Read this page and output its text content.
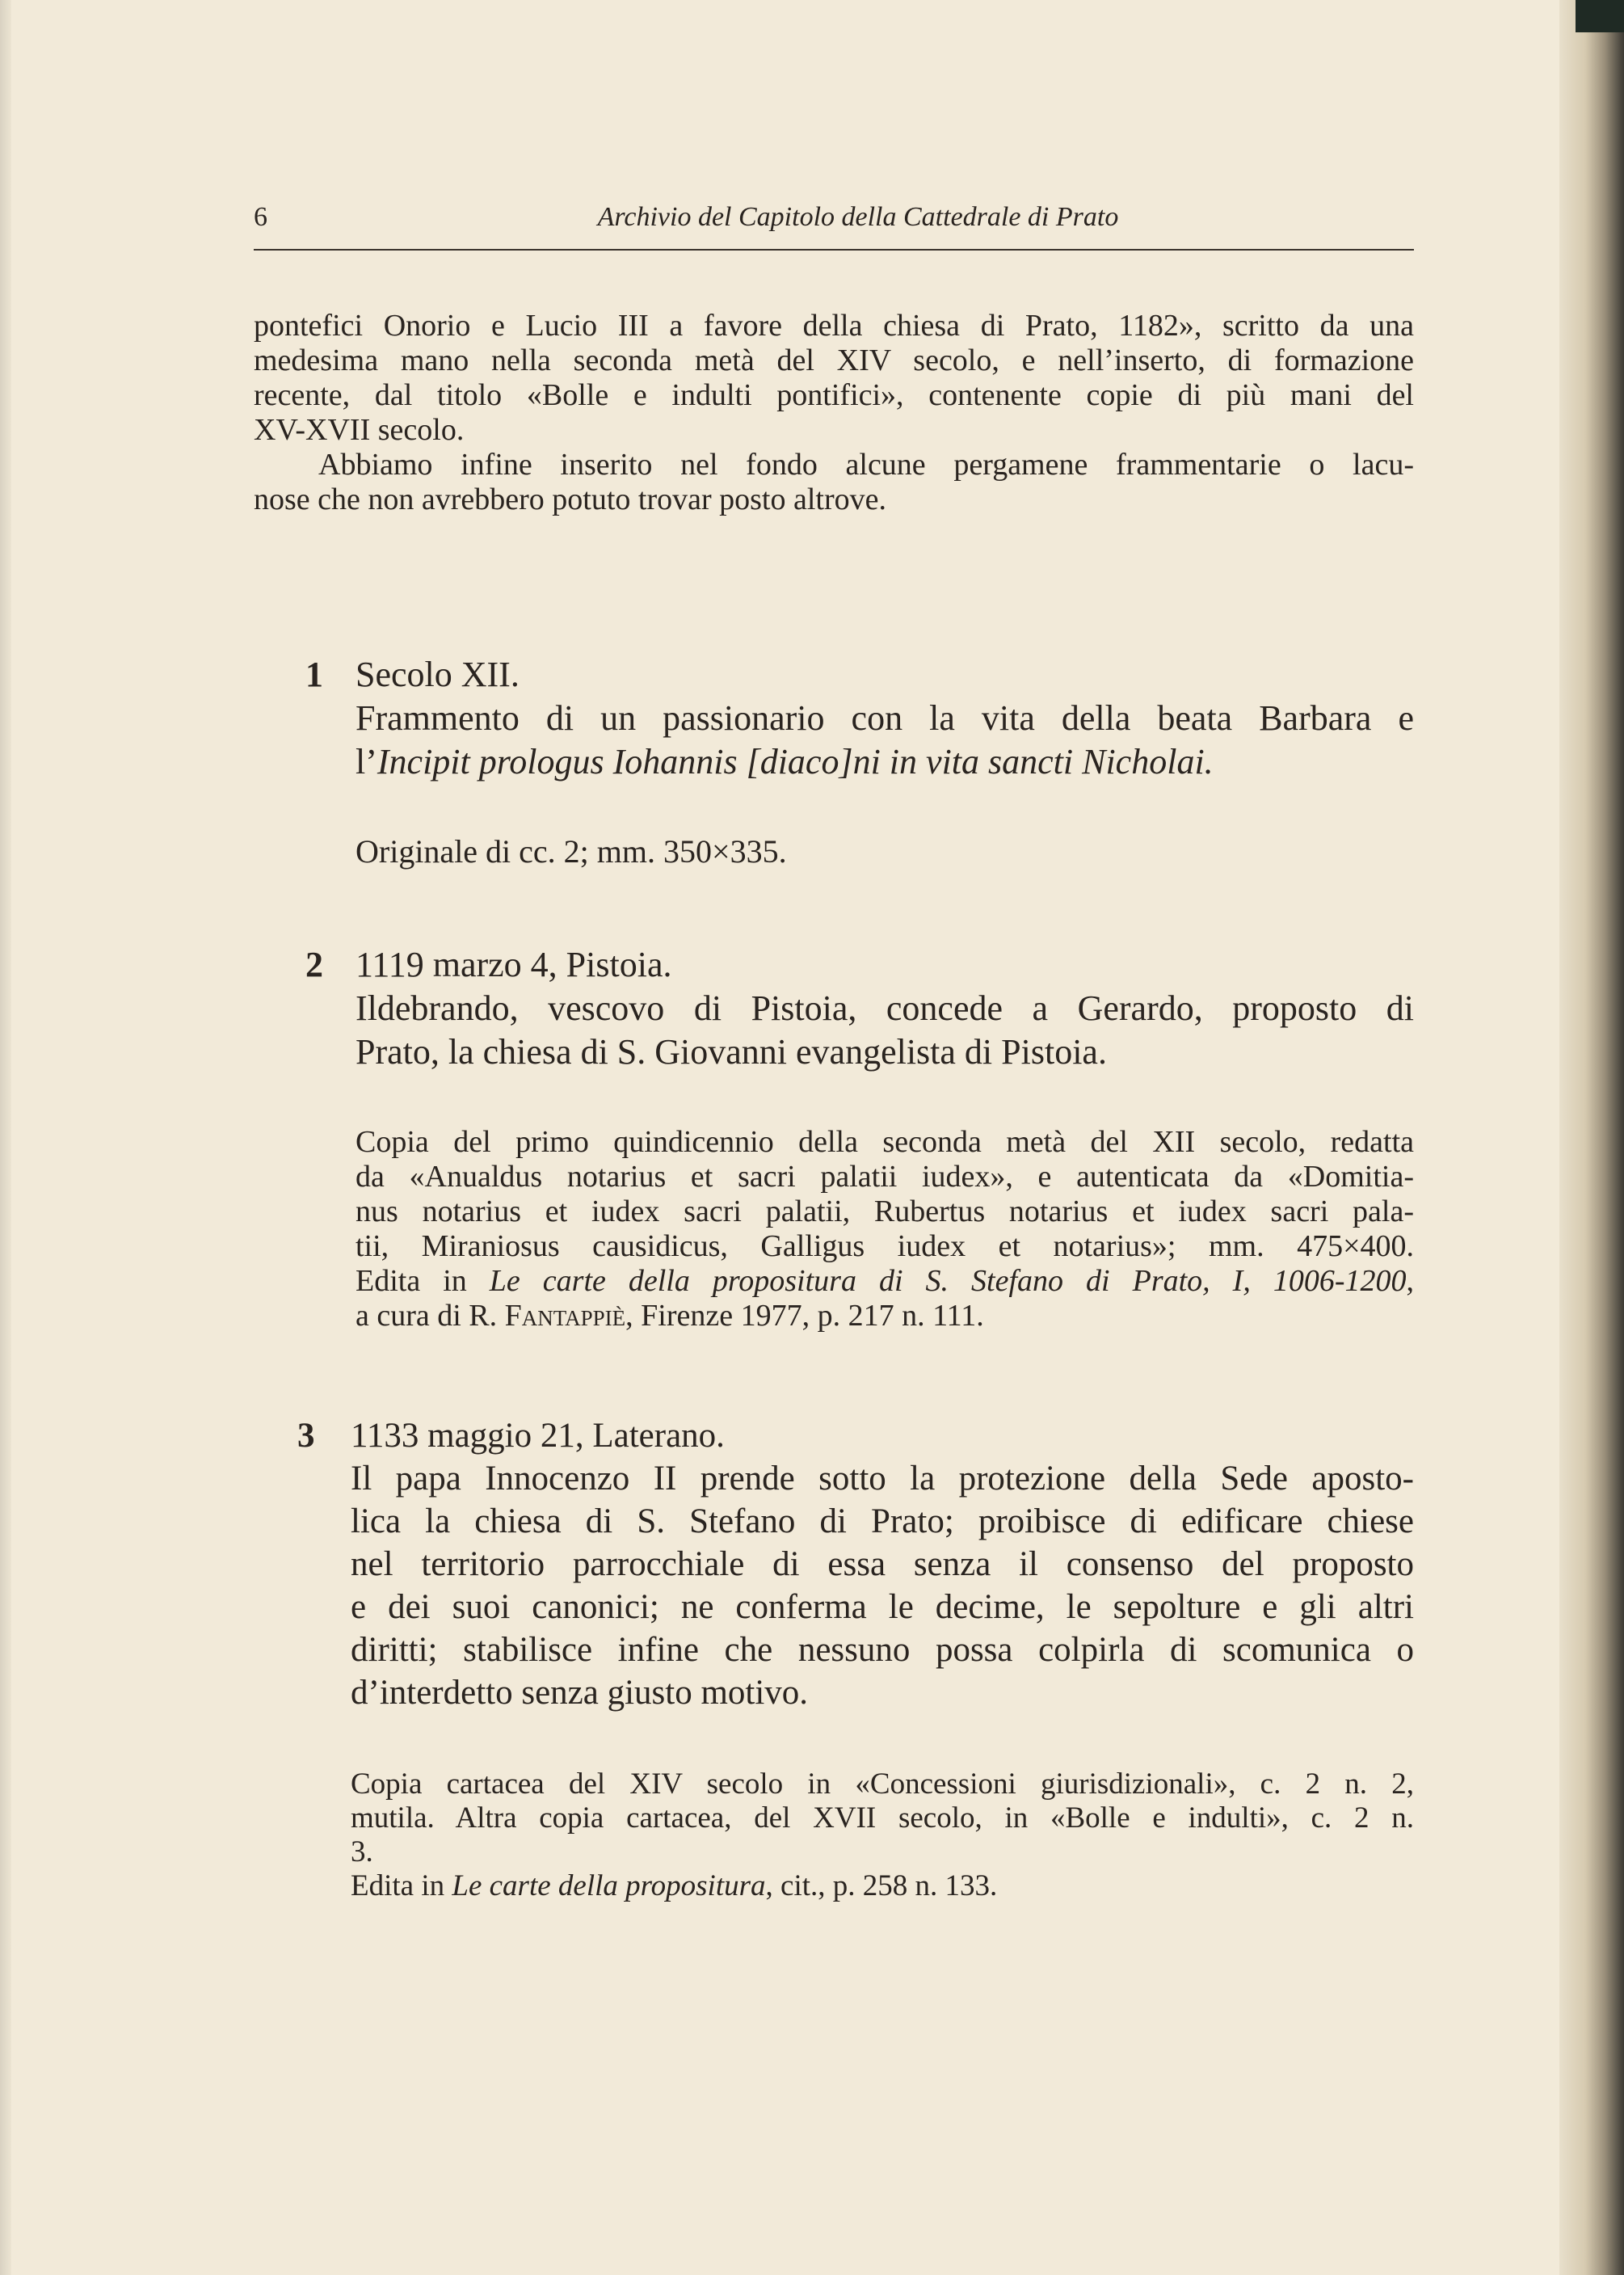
6	Archivio del Capitolo della Cattedrale di Prato
pontefici Onorio e Lucio III a favore della chiesa di Prato, 1182», scritto da una
medesima mano nella seconda metà del XIV secolo, e nell’inserto, di formazione
recente, dal titolo «Bolle e indulti pontifici», contenente copie di più mani del
XV-XVII secolo.
Abbiamo infine inserito nel fondo alcune pergamene frammentarie o lacu-
nose che non avrebbero potuto trovar posto altrove.
1 Secolo XII.
Frammento di un passionario con la vita della beata Barbara e
l’Incipit prologus Iohannis [diaco]ni in vita sancti Nicholai.
Originale di cc. 2; mm. 350×335.
2 1119 marzo 4, Pistoia.
Ildebrando, vescovo di Pistoia, concede a Gerardo, proposto di
Prato, la chiesa di S. Giovanni evangelista di Pistoia.
Copia del primo quindicennio della seconda metà del XII secolo, redatta
da «Anualdus notarius et sacri palatii iudex», e autenticata da «Domitia-
nus notarius et iudex sacri palatii, Rubertus notarius et iudex sacri pala-
tii, Miraniosus causidicus, Galligus iudex et notarius»; mm. 475×400.
Edita in Le carte della propositura di S. Stefano di Prato, I, 1006-1200,
a cura di R. Fantappiè, Firenze 1977, p. 217 n. 111.
3 1133 maggio 21, Laterano.
Il papa Innocenzo II prende sotto la protezione della Sede aposto-
lica la chiesa di S. Stefano di Prato; proibisce di edificare chiese
nel territorio parrocchiale di essa senza il consenso del proposto
e dei suoi canonici; ne conferma le decime, le sepolture e gli altri
diritti; stabilisce infine che nessuno possa colpirla di scomunica o
d’interdetto senza giusto motivo.
Copia cartacea del XIV secolo in «Concessioni giurisdizionali», c. 2 n. 2,
mutila. Altra copia cartacea, del XVII secolo, in «Bolle e indulti», c. 2 n.
3.
Edita in Le carte della propositura, cit., p. 258 n. 133.
